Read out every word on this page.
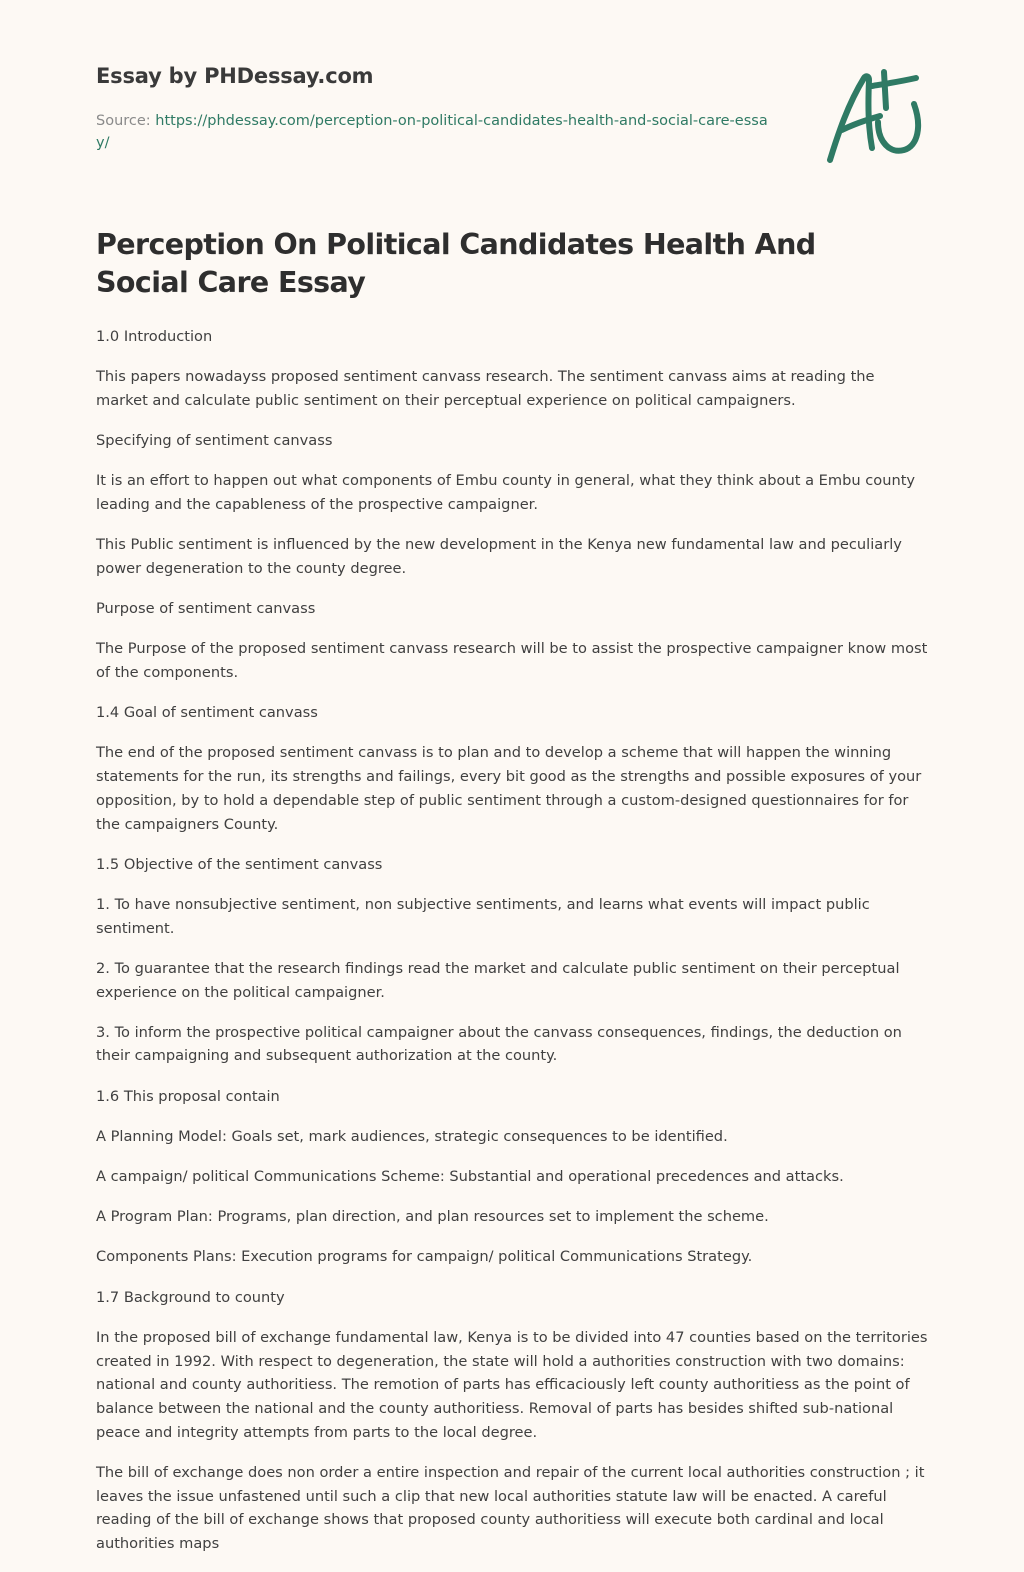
Essay by PHDessay.com
Source: https://phdessay.com/perception-on-political-candidates-health-and-social-care-essay/
Perception On Political Candidates Health And Social Care Essay

1.0 Introduction

This papers nowadayss proposed sentiment canvass research. The sentiment canvass aims at reading the market and calculate public sentiment on their perceptual experience on political campaigners.

Specifying of sentiment canvass

It is an effort to happen out what components of Embu county in general, what they think about a Embu county leading and the capableness of the prospective campaigner.

This Public sentiment is influenced by the new development in the Kenya new fundamental law and peculiarly power degeneration to the county degree.

Purpose of sentiment canvass

The Purpose of the proposed sentiment canvass research will be to assist the prospective campaigner know most of the components.

1.4 Goal of sentiment canvass

The end of the proposed sentiment canvass is to plan and to develop a scheme that will happen the winning statements for the run, its strengths and failings, every bit good as the strengths and possible exposures of your opposition, by to hold a dependable step of public sentiment through a custom-designed questionnaires for for the campaigners County.

1.5 Objective of the sentiment canvass

1. To have nonsubjective sentiment, non subjective sentiments, and learns what events will impact public sentiment.

2. To guarantee that the research findings read the market and calculate public sentiment on their perceptual experience on the political campaigner.

3. To inform the prospective political campaigner about the canvass consequences, findings, the deduction on their campaigning and subsequent authorization at the county.

1.6 This proposal contain

A Planning Model: Goals set, mark audiences, strategic consequences to be identified.

A campaign/ political Communications Scheme: Substantial and operational precedences and attacks.

A Program Plan: Programs, plan direction, and plan resources set to implement the scheme.

Components Plans: Execution programs for campaign/ political Communications Strategy.

1.7 Background to county

In the proposed bill of exchange fundamental law, Kenya is to be divided into 47 counties based on the territories created in 1992. With respect to degeneration, the state will hold a authorities construction with two domains: national and county authoritiess. The remotion of parts has efficaciously left county authoritiess as the point of balance between the national and the county authoritiess. Removal of parts has besides shifted sub-national peace and integrity attempts from parts to the local degree.

The bill of exchange does non order a entire inspection and repair of the current local authorities construction ; it leaves the issue unfastened until such a clip that new local authorities statute law will be enacted. A careful reading of the bill of exchange shows that proposed county authoritiess will execute both cardinal and local authorities maps
